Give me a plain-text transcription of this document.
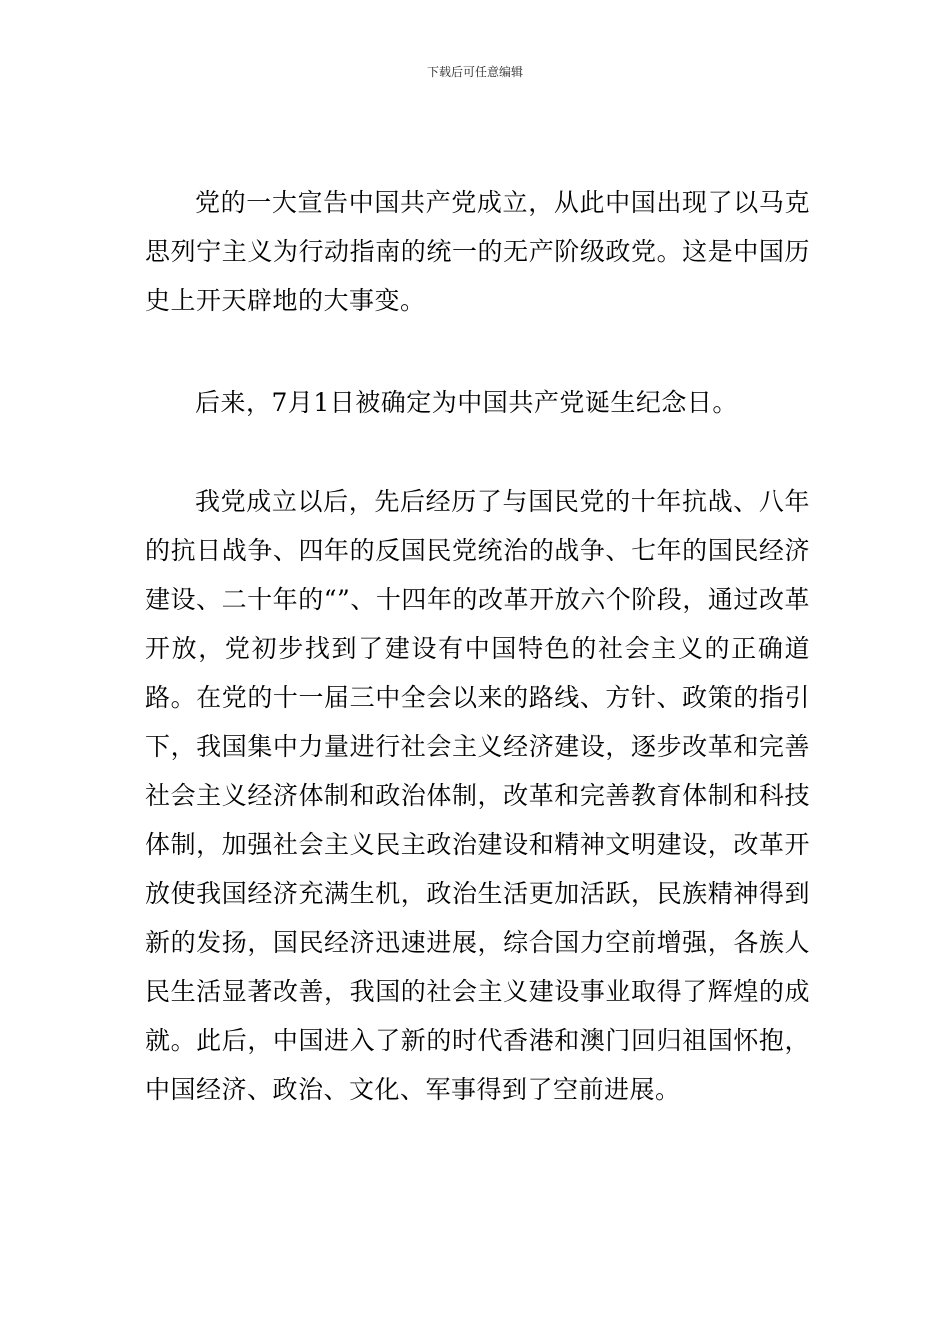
下载后可任意编辑

党的一大宣告中国共产党成立，从此中国出现了以马克思列宁主义为行动指南的统一的无产阶级政党。这是中国历史上开天辟地的大事变。

后来，7月1日被确定为中国共产党诞生纪念日。

我党成立以后，先后经历了与国民党的十年抗战、八年的抗日战争、四年的反国民党统治的战争、七年的国民经济建设、二十年的“”、十四年的改革开放六个阶段，通过改革开放，党初步找到了建设有中国特色的社会主义的正确道路。在党的十一届三中全会以来的路线、方针、政策的指引下，我国集中力量进行社会主义经济建设，逐步改革和完善社会主义经济体制和政治体制，改革和完善教育体制和科技体制，加强社会主义民主政治建设和精神文明建设，改革开放使我国经济充满生机，政治生活更加活跃，民族精神得到新的发扬，国民经济迅速进展，综合国力空前增强，各族人民生活显著改善，我国的社会主义建设事业取得了辉煌的成就。此后，中国进入了新的时代香港和澳门回归祖国怀抱，中国经济、政治、文化、军事得到了空前进展。
